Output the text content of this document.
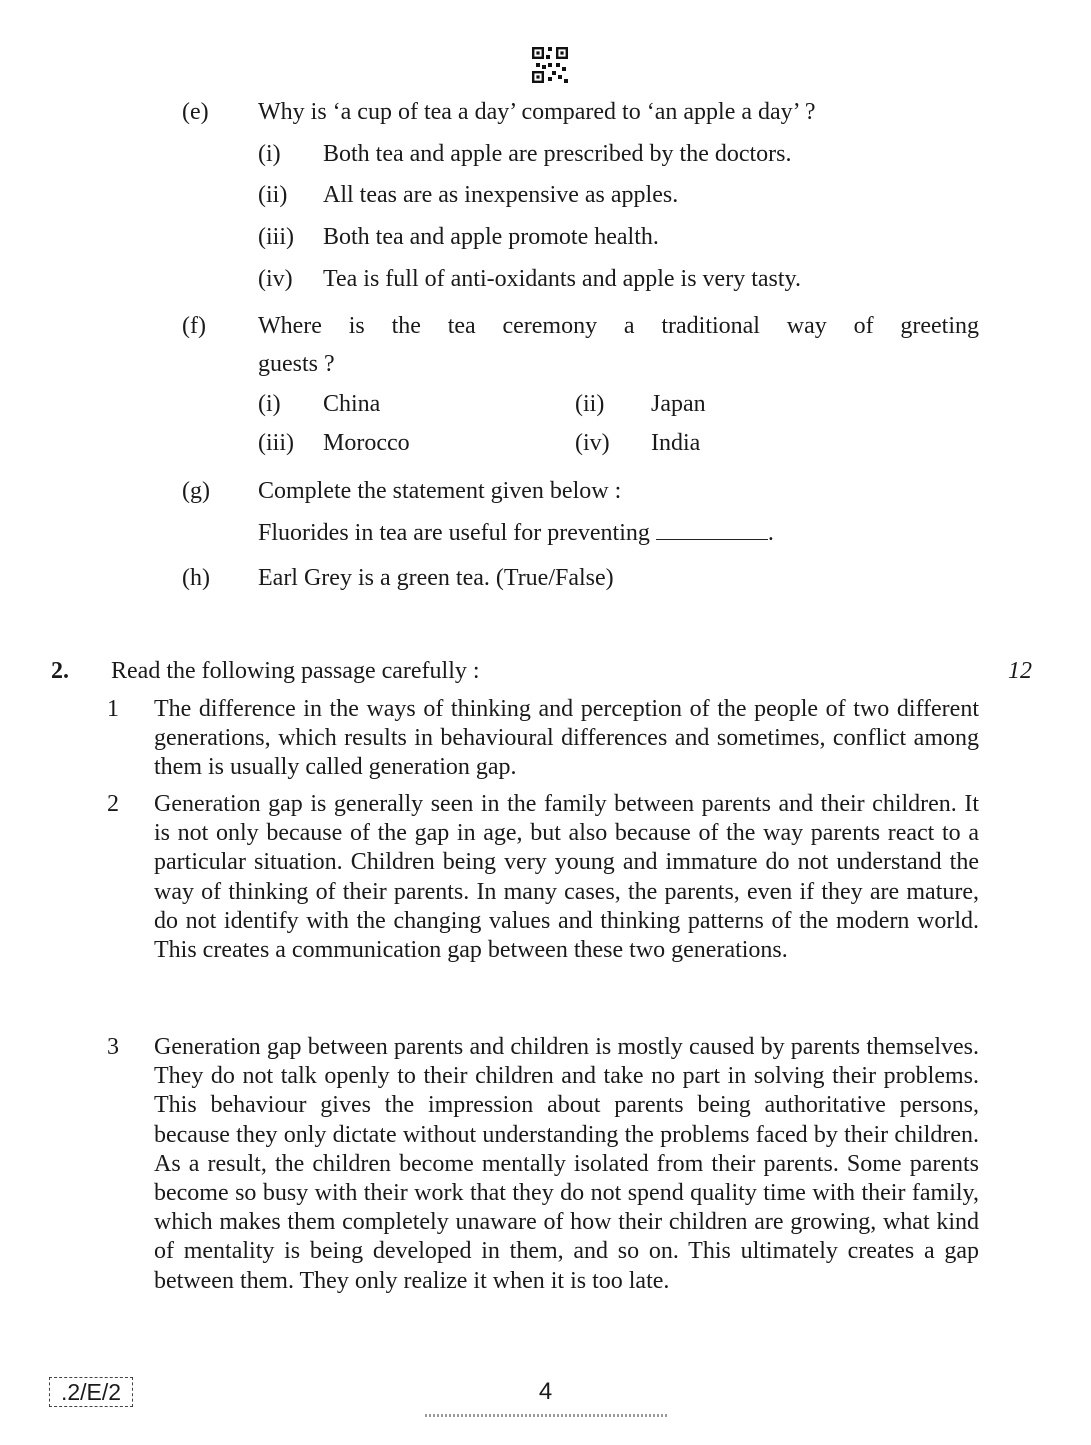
(e) Why is ‘a cup of tea a day’ compared to ‘an apple a day’ ?
(i) Both tea and apple are prescribed by the doctors.
(ii) All teas are as inexpensive as apples.
(iii) Both tea and apple promote health.
(iv) Tea is full of anti-oxidants and apple is very tasty.
(f) Where is the tea ceremony a traditional way of greeting
guests ?
(i) China	(ii) Japan
(iii) Morocco	(iv) India
(g) Complete the statement given below :
Fluorides in tea are useful for preventing	.
(h) Earl Grey is a green tea. (True/False)
2. Read the following passage carefully :	12
1 The difference in the ways of thinking and perception of the people of two different generations, which results in behavioural differences and sometimes, conflict among them is usually called generation gap.
2 Generation gap is generally seen in the family between parents and their children. It is not only because of the gap in age, but also because of the way parents react to a particular situation. Children being very young and immature do not understand the way of thinking of their parents. In many cases, the parents, even if they are mature, do not identify with the changing values and thinking patterns of the modern world. This creates a communication gap between these two generations.
3 Generation gap between parents and children is mostly caused by parents themselves. They do not talk openly to their children and take no part in solving their problems. This behaviour gives the impression about parents being authoritative persons, because they only dictate without understanding the problems faced by their children. As a result, the children become mentally isolated from their parents. Some parents become so busy with their work that they do not spend quality time with their family, which makes them completely unaware of how their children are growing, what kind of mentality is being developed in them, and so on. This ultimately creates a gap between them. They only realize it when it is too late.
.2/E/2	4
